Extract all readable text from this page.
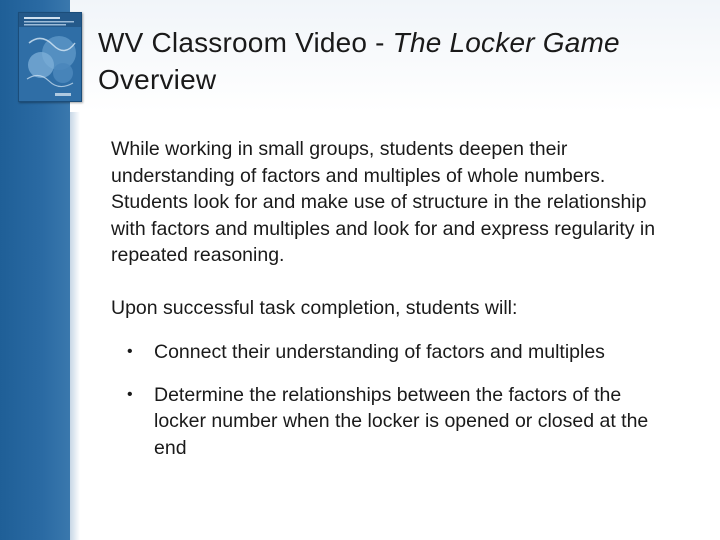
WV Classroom Video - The Locker Game Overview

While working in small groups, students deepen their understanding of factors and multiples of whole numbers. Students look for and make use of structure in the relationship with factors and multiples and look for and express regularity in repeated reasoning.

Upon successful task completion, students will:

• Connect their understanding of factors and multiples
• Determine the relationships between the factors of the locker number when the locker is opened or closed at the end
